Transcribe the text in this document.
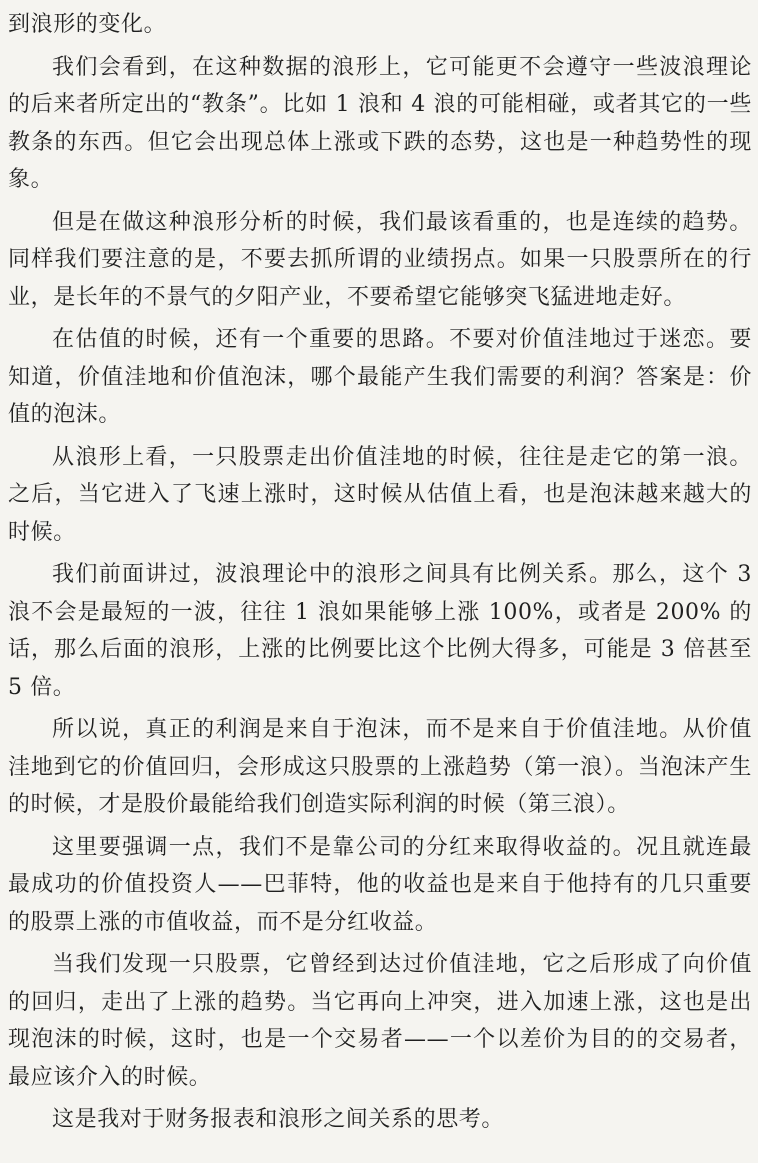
到浪形的变化。

我们会看到，在这种数据的浪形上，它可能更不会遵守一些波浪理论的后来者所定出的“教条”。比如 1 浪和 4 浪的可能相碰，或者其它的一些教条的东西。但它会出现总体上涨或下跌的态势，这也是一种趋势性的现象。

但是在做这种浪形分析的时候，我们最该看重的，也是连续的趋势。同样我们要注意的是，不要去抓所谓的业绩拐点。如果一只股票所在的行业，是长年的不景气的夕阳产业，不要希望它能够突飞猛进地走好。

在估值的时候，还有一个重要的思路。不要对价值洼地过于迷恋。要知道，价值洼地和价值泡沫，哪个最能产生我们需要的利润？答案是：价值的泡沫。

从浪形上看，一只股票走出价值洼地的时候，往往是走它的第一浪。之后，当它进入了飞速上涨时，这时候从估值上看，也是泡沫越来越大的时候。

我们前面讲过，波浪理论中的浪形之间具有比例关系。那么，这个 3 浪不会是最短的一波，往往 1 浪如果能够上涨 100%，或者是 200% 的话，那么后面的浪形，上涨的比例要比这个比例大得多，可能是 3 倍甚至 5 倍。

所以说，真正的利润是来自于泡沫，而不是来自于价值洼地。从价值洼地到它的价值回归，会形成这只股票的上涨趋势（第一浪）。当泡沫产生的时候，才是股价最能给我们创造实际利润的时候（第三浪）。

这里要强调一点，我们不是靠公司的分红来取得收益的。况且就连最最成功的价值投资人——巴菲特，他的收益也是来自于他持有的几只重要的股票上涨的市值收益，而不是分红收益。

当我们发现一只股票，它曾经到达过价值洼地，它之后形成了向价值的回归，走出了上涨的趋势。当它再向上冲突，进入加速上涨，这也是出现泡沫的时候，这时，也是一个交易者——一个以差价为目的的交易者，最应该介入的时候。

这是我对于财务报表和浪形之间关系的思考。
